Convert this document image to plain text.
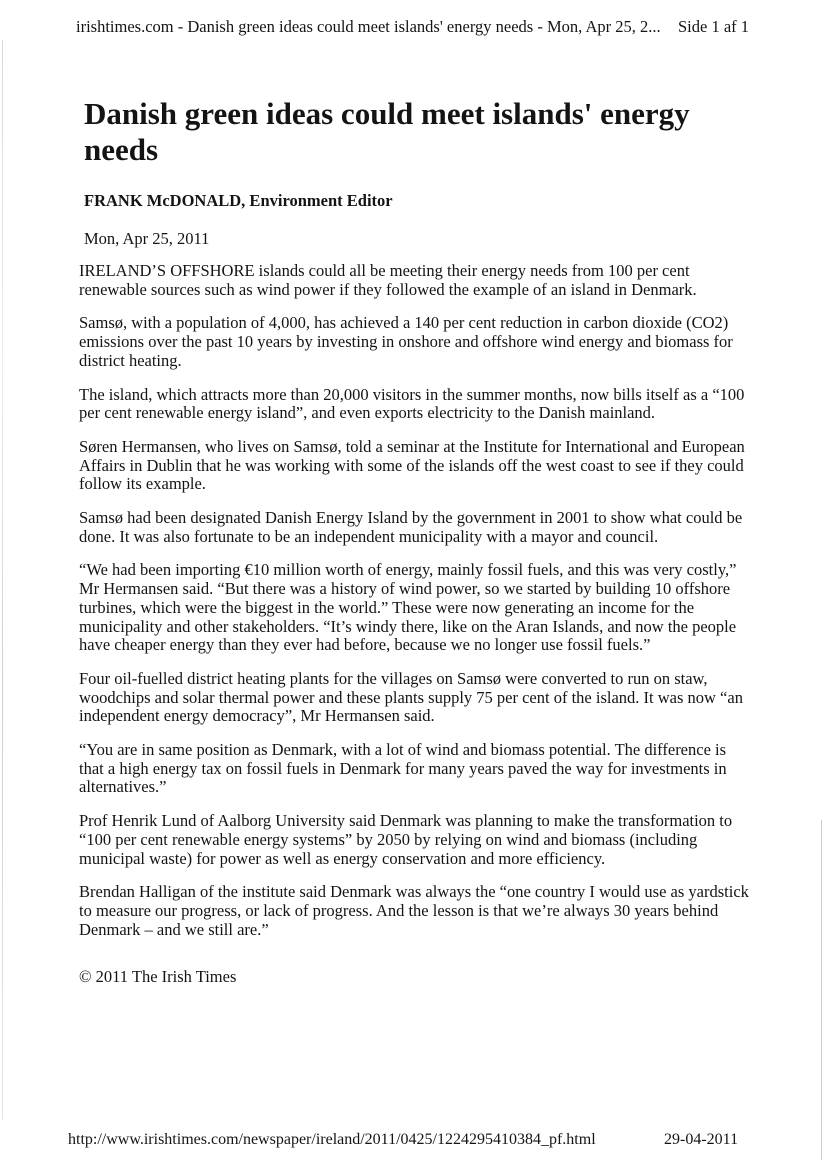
irishtimes.com - Danish green ideas could meet islands' energy needs - Mon, Apr 25, 2...	Side 1 af 1
Danish green ideas could meet islands' energy needs

FRANK McDONALD, Environment Editor

Mon, Apr 25, 2011

IRELAND’S OFFSHORE islands could all be meeting their energy needs from 100 per cent renewable sources such as wind power if they followed the example of an island in Denmark.

Samsø, with a population of 4,000, has achieved a 140 per cent reduction in carbon dioxide (CO2) emissions over the past 10 years by investing in onshore and offshore wind energy and biomass for district heating.

The island, which attracts more than 20,000 visitors in the summer months, now bills itself as a “100 per cent renewable energy island”, and even exports electricity to the Danish mainland.

Søren Hermansen, who lives on Samsø, told a seminar at the Institute for International and European Affairs in Dublin that he was working with some of the islands off the west coast to see if they could follow its example.

Samsø had been designated Danish Energy Island by the government in 2001 to show what could be done. It was also fortunate to be an independent municipality with a mayor and council.

“We had been importing €10 million worth of energy, mainly fossil fuels, and this was very costly,” Mr Hermansen said. “But there was a history of wind power, so we started by building 10 offshore turbines, which were the biggest in the world.” These were now generating an income for the municipality and other stakeholders. “It’s windy there, like on the Aran Islands, and now the people have cheaper energy than they ever had before, because we no longer use fossil fuels.”

Four oil-fuelled district heating plants for the villages on Samsø were converted to run on staw, woodchips and solar thermal power and these plants supply 75 per cent of the island. It was now “an independent energy democracy”, Mr Hermansen said.

“You are in same position as Denmark, with a lot of wind and biomass potential. The difference is that a high energy tax on fossil fuels in Denmark for many years paved the way for investments in alternatives.”

Prof Henrik Lund of Aalborg University said Denmark was planning to make the transformation to “100 per cent renewable energy systems” by 2050 by relying on wind and biomass (including municipal waste) for power as well as energy conservation and more efficiency.

Brendan Halligan of the institute said Denmark was always the “one country I would use as yardstick to measure our progress, or lack of progress. And the lesson is that we’re always 30 years behind Denmark – and we still are.”

© 2011 The Irish Times

http://www.irishtimes.com/newspaper/ireland/2011/0425/1224295410384_pf.html	29-04-2011
